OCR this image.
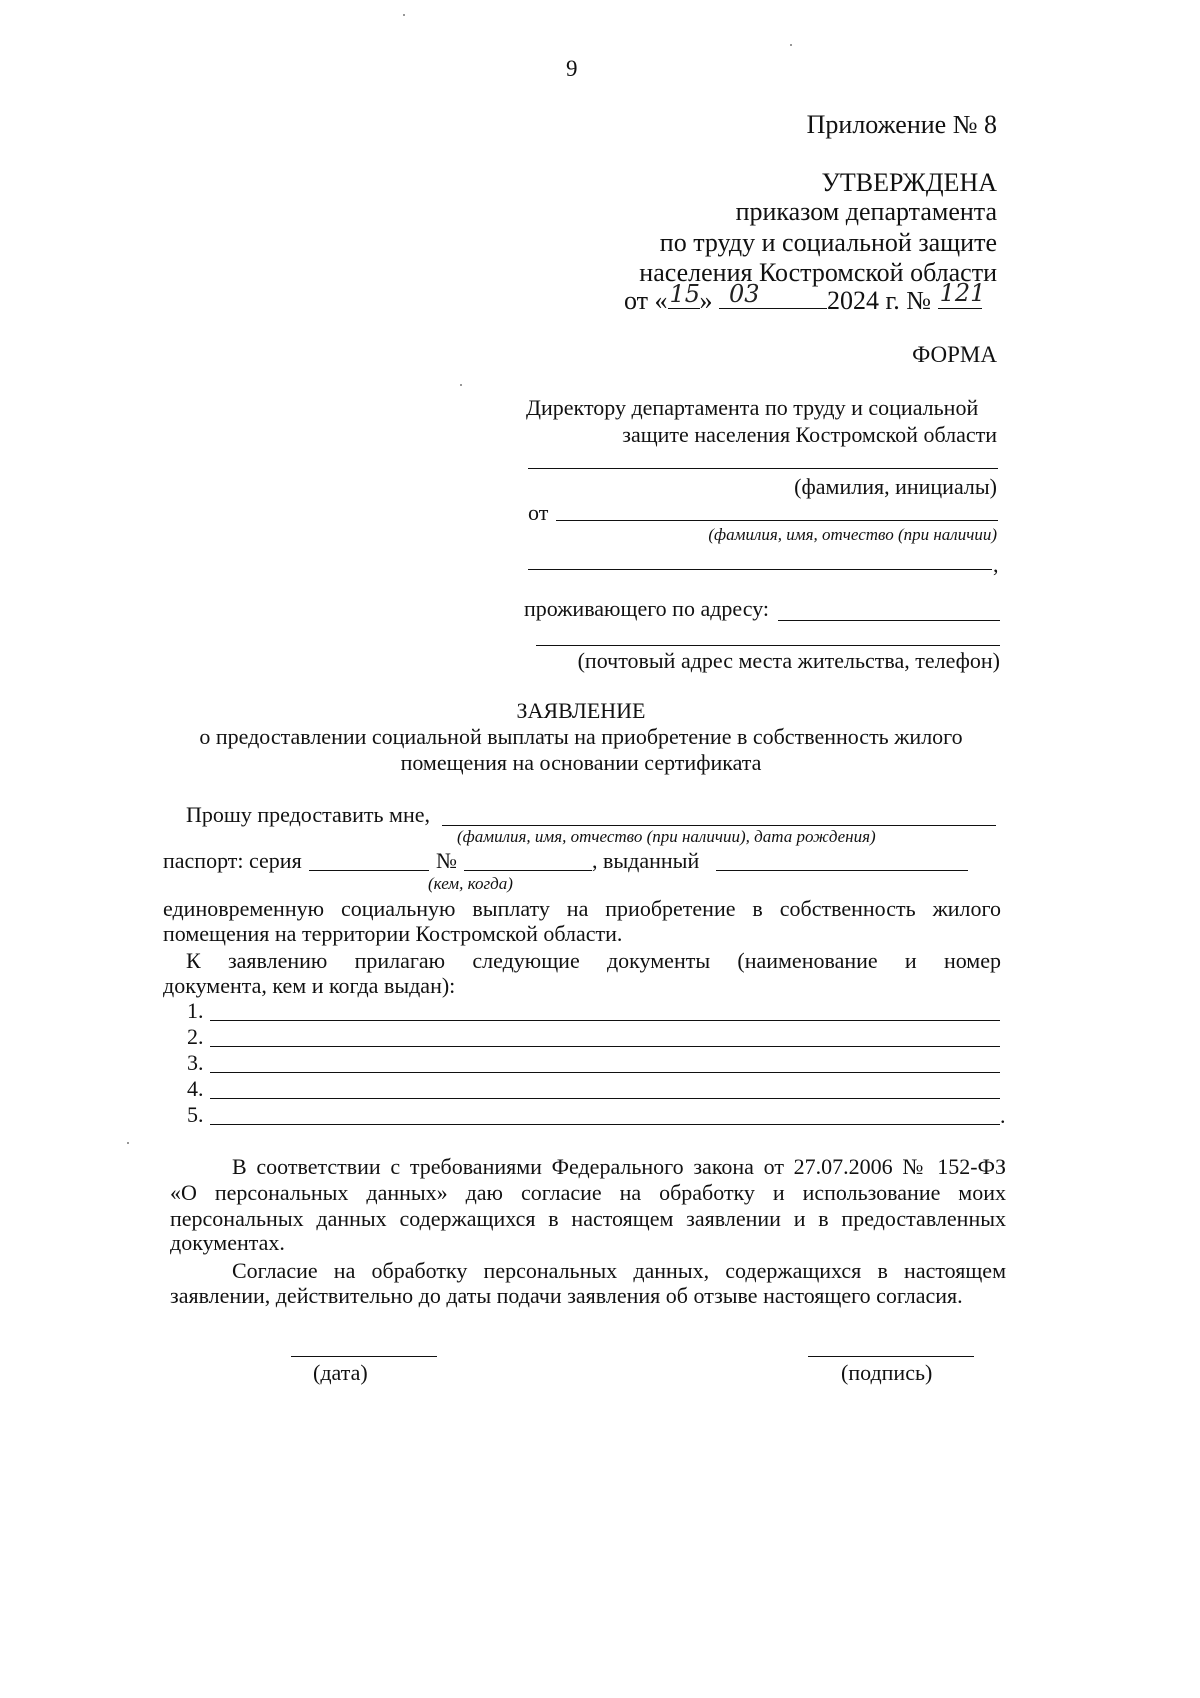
9
Приложение № 8
УТВЕРЖДЕНА
приказом департамента
по труду и социальной защите
населения Костромской области
от « 15 » 03	2024 г. № 121
ФОРМА
Директору департамента по труду и социальной
защите населения Костромской области
(фамилия, инициалы)
от
(фамилия, имя, отчество (при наличии)
,
проживающего по адресу:
(почтовый адрес места жительства, телефон)
ЗАЯВЛЕНИЕ
о предоставлении социальной выплаты на приобретение в собственность жилого
помещения на основании сертификата
Прошу предоставить мне,
(фамилия, имя, отчество (при наличии), дата рождения)
паспорт: серия	№	, выданный
(кем, когда)
единовременную социальную выплату на приобретение в собственность жилого
помещения на территории Костромской области.
К заявлению прилагаю следующие документы (наименование и номер
документа, кем и когда выдан):
1.
2.
3.
4.
5.	.
В соответствии с требованиями Федерального закона от 27.07.2006 № 152-ФЗ
«О персональных данных» даю согласие на обработку и использование моих
персональных данных содержащихся в настоящем заявлении и в предоставленных
документах.
Согласие на обработку персональных данных, содержащихся в настоящем
заявлении, действительно до даты подачи заявления об отзыве настоящего согласия.
(дата)	(подпись)
